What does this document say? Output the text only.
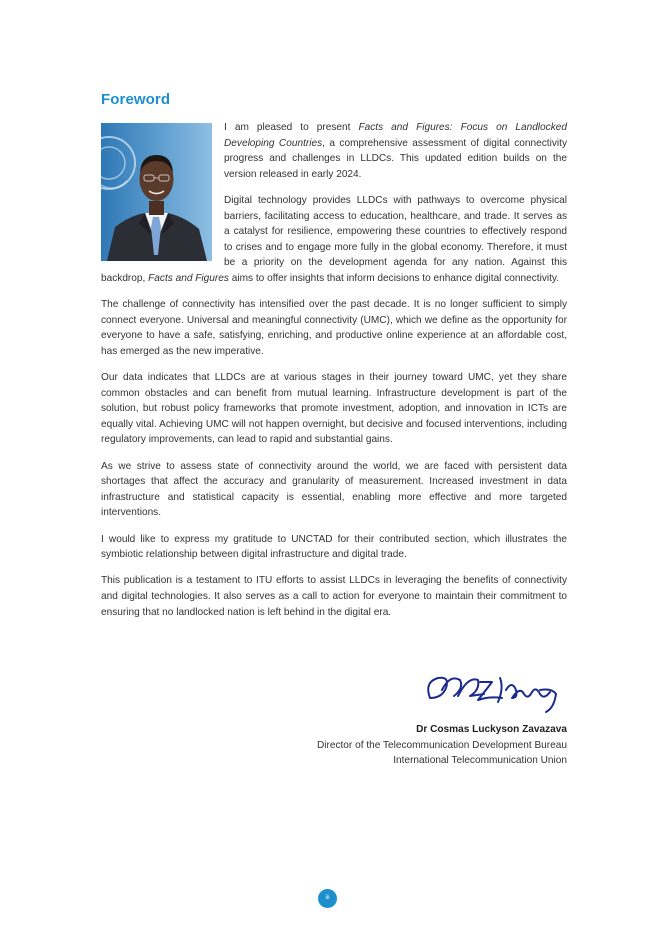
Foreword

I am pleased to present Facts and Figures: Focus on Landlocked Developing Countries, a comprehensive assessment of digital connectivity progress and challenges in LLDCs. This updated edition builds on the version released in early 2024.

Digital technology provides LLDCs with pathways to overcome physical barriers, facilitating access to education, healthcare, and trade. It serves as a catalyst for resilience, empowering these countries to effectively respond to crises and to engage more fully in the global economy. Therefore, it must be a priority on the development agenda for any nation. Against this backdrop, Facts and Figures aims to offer insights that inform decisions to enhance digital connectivity.

The challenge of connectivity has intensified over the past decade. It is no longer sufficient to simply connect everyone. Universal and meaningful connectivity (UMC), which we define as the opportunity for everyone to have a safe, satisfying, enriching, and productive online experience at an affordable cost, has emerged as the new imperative.

Our data indicates that LLDCs are at various stages in their journey toward UMC, yet they share common obstacles and can benefit from mutual learning. Infrastructure development is part of the solution, but robust policy frameworks that promote investment, adoption, and innovation in ICTs are equally vital. Achieving UMC will not happen overnight, but decisive and focused interventions, including regulatory improvements, can lead to rapid and substantial gains.

As we strive to assess state of connectivity around the world, we are faced with persistent data shortages that affect the accuracy and granularity of measurement. Increased investment in data infrastructure and statistical capacity is essential, enabling more effective and more targeted interventions.

I would like to express my gratitude to UNCTAD for their contributed section, which illustrates the symbiotic relationship between digital infrastructure and digital trade.

This publication is a testament to ITU efforts to assist LLDCs in leveraging the benefits of connectivity and digital technologies. It also serves as a call to action for everyone to maintain their commitment to ensuring that no landlocked nation is left behind in the digital era.

Dr Cosmas Luckyson Zavazava
Director of the Telecommunication Development Bureau
International Telecommunication Union
iii
